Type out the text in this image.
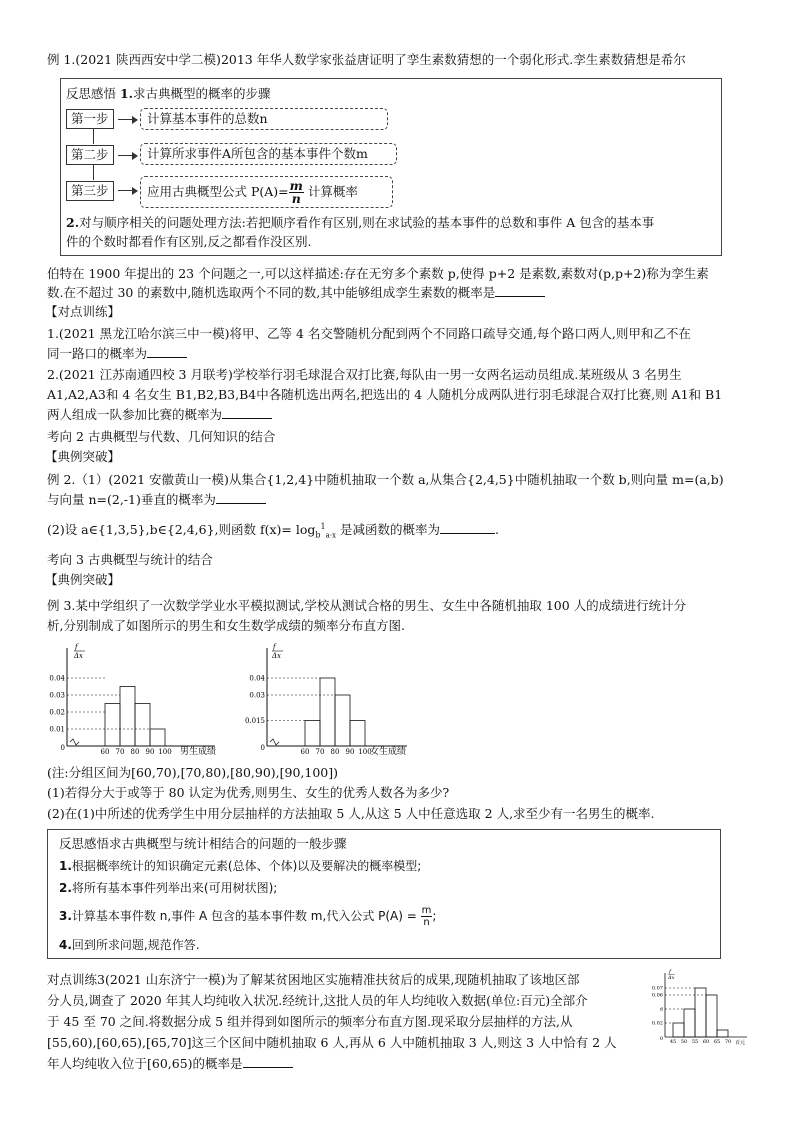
例 1.(2021 陕西西安中学二模)2013 年华人数学家张益唐证明了孪生素数猜想的一个弱化形式.孪生素数猜想是希尔
反思感悟 1.求古典概型的概率的步骤
第一步	计算基本事件的总数n
第二步	计算所求事件A所包含的基本事件个数m
第三步	应用古典概型公式 $P(A)= \frac{m}{n}$ 计算概率
2.对与顺序相关的问题处理方法:若把顺序看作有区别,则在求试验的基本事件的总数和事件 A 包含的基本事
件的个数时都看作有区别,反之都看作没区别.
伯特在 1900 年提出的 23 个问题之一,可以这样描述:存在无穷多个素数 p,使得 p+2 是素数,素数对(p,p+2)称为孪生素
数.在不超过 30 的素数中,随机选取两个不同的数,其中能够组成孪生素数的概率是
【对点训练】
1.(2021 黑龙江哈尔滨三中一模)将甲、乙等 4 名交警随机分配到两个不同路口疏导交通,每个路口两人,则甲和乙不在
同一路口的概率为
2.(2021 江苏南通四校 3 月联考)学校举行羽毛球混合双打比赛,每队由一男一女两名运动员组成.某班级从 3 名男生
A1,A2,A3和 4 名女生 B1,B2,B3,B4中各随机选出两名,把选出的 4 人随机分成两队进行羽毛球混合双打比赛,则 A1和 B1
两人组成一队参加比赛的概率为
考向 2 古典概型与代数、几何知识的结合
【典例突破】
例 2.（1）(2021 安徽黄山一模)从集合{1,2,4}中随机抽取一个数 a,从集合{2,4,5}中随机抽取一个数 b,则向量 m=(a,b)
与向量 n=(2,-1)垂直的概率为
(2)设 a∈{1,3,5},b∈{2,4,6},则函数 $f(x)= \log_b^1_{a\cdot x}$ 是减函数的概率为	.
考向 3 古典概型与统计的结合
【典例突破】
例 3.某中学组织了一次数学学业水平模拟测试,学校从测试合格的男生、女生中各随机抽取 100 人的成绩进行统计分
析,分别制成了如图所示的男生和女生数学成绩的频率分布直方图.
f
Δx
0
0.04
0.03
0.02
0.01
60 70 80 90 100 男生成绩
f
Δx
0
0.04
0.03
0.015
60 70 80 90 100
女生成绩
(注:分组区间为[60,70),[70,80),[80,90),[90,100])
(1)若得分大于或等于 80 认定为优秀,则男生、女生的优秀人数各为多少?
(2)在(1)中所述的优秀学生中用分层抽样的方法抽取 5 人,从这 5 人中任意选取 2 人,求至少有一名男生的概率.
反思感悟求古典概型与统计相结合的问题的一般步骤
1.根据概率统计的知识确定元素(总体、个体)以及要解决的概率模型;
2.将所有基本事件列举出来(可用树状图);
3.计算基本事件数 n,事件 A 包含的基本事件数 m,代入公式 $P(A) = \frac{m}{n}$ ;
4.回到所求问题,规范作答.
对点训练3(2021 山东济宁一模)为了解某贫困地区实施精准扶贫后的成果,现随机抽取了该地区部
分人员,调查了 2020 年其人均纯收入状况.经统计,这批人员的年人均纯收入数据(单位:百元)全部介
于 45 至 70 之间.将数据分成 5 组并得到如图所示的频率分布直方图.现采取分层抽样的方法,从
[55,60),[60,65),[65,70]这三个区间中随机抽取 6 人,再从 6 人中随机抽取 3 人,则这 3 人中恰有 2 人
年人均纯收入位于[60,65)的概率是
f
Δx
0
0.07
0.06
d
0.02
45 50 55 60 65 70 百元
